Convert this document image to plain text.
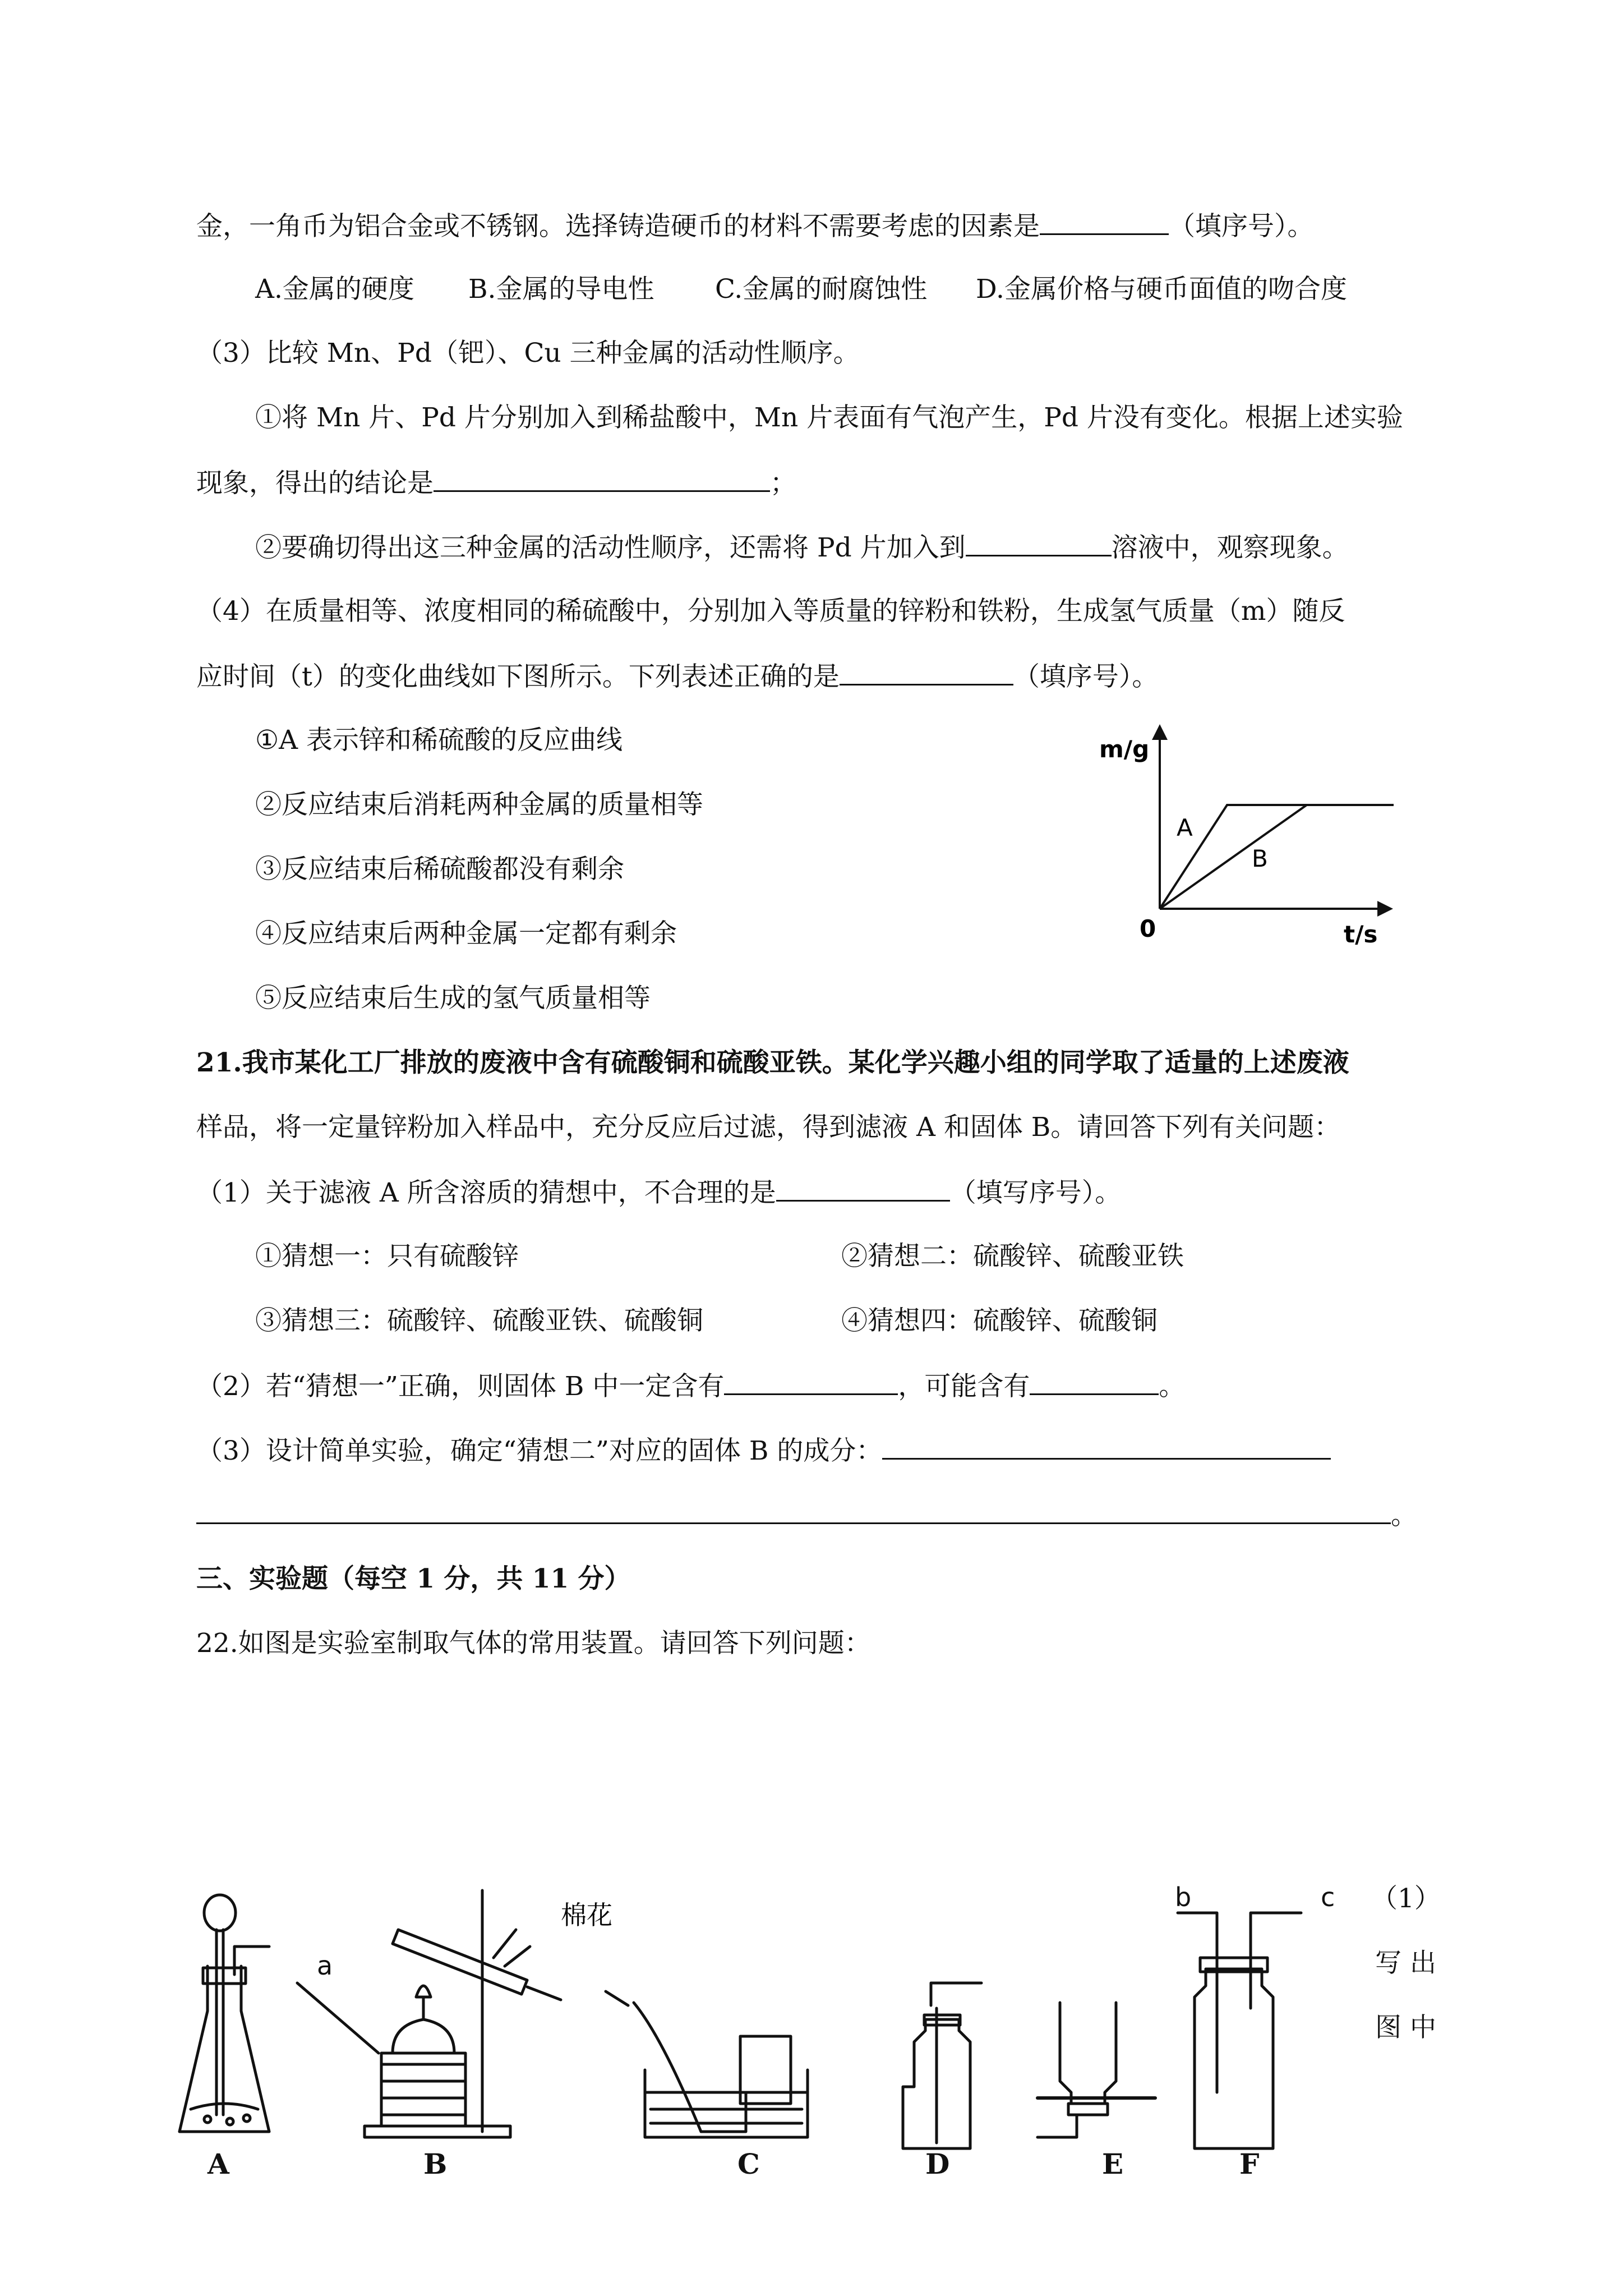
金，一角币为铝合金或不锈钢。选择铸造硬币的材料不需要考虑的因素是	（填序号）。
A.金属的硬度 B.金属的导电性 C.金属的耐腐蚀性 D.金属价格与硬币面值的吻合度
（3）比较 Mn、Pd（钯）、Cu 三种金属的活动性顺序。
①将 Mn 片、Pd 片分别加入到稀盐酸中，Mn 片表面有气泡产生，Pd 片没有变化。根据上述实验
现象，得出的结论是	；
②要确切得出这三种金属的活动性顺序，还需将 Pd 片加入到	溶液中，观察现象。
（4）在质量相等、浓度相同的稀硫酸中，分别加入等质量的锌粉和铁粉，生成氢气质量（m）随反
应时间（t）的变化曲线如下图所示。下列表述正确的是	（填序号）。
①A 表示锌和稀硫酸的反应曲线
②反应结束后消耗两种金属的质量相等
③反应结束后稀硫酸都没有剩余
④反应结束后两种金属一定都有剩余
⑤反应结束后生成的氢气质量相等
m/g
t/s
0
A
B
21.我市某化工厂排放的废液中含有硫酸铜和硫酸亚铁。某化学兴趣小组的同学取了适量的上述废液
样品，将一定量锌粉加入样品中，充分反应后过滤，得到滤液 A 和固体 B。请回答下列有关问题：
（1）关于滤液 A 所含溶质的猜想中，不合理的是	（填写序号）。
①猜想一：只有硫酸锌	②猜想二：硫酸锌、硫酸亚铁
③猜想三：硫酸锌、硫酸亚铁、硫酸铜	④猜想四：硫酸锌、硫酸铜
（2）若“猜想一”正确，则固体 B 中一定含有	，可能含有	。
（3）设计简单实验，确定“猜想二”对应的固体 B 的成分：
。
三、实验题（每空 1 分，共 11 分）
22.如图是实验室制取气体的常用装置。请回答下列问题：
（1）
写 出
图 中
A	B	C	D	E	F
a
b	c
棉花
